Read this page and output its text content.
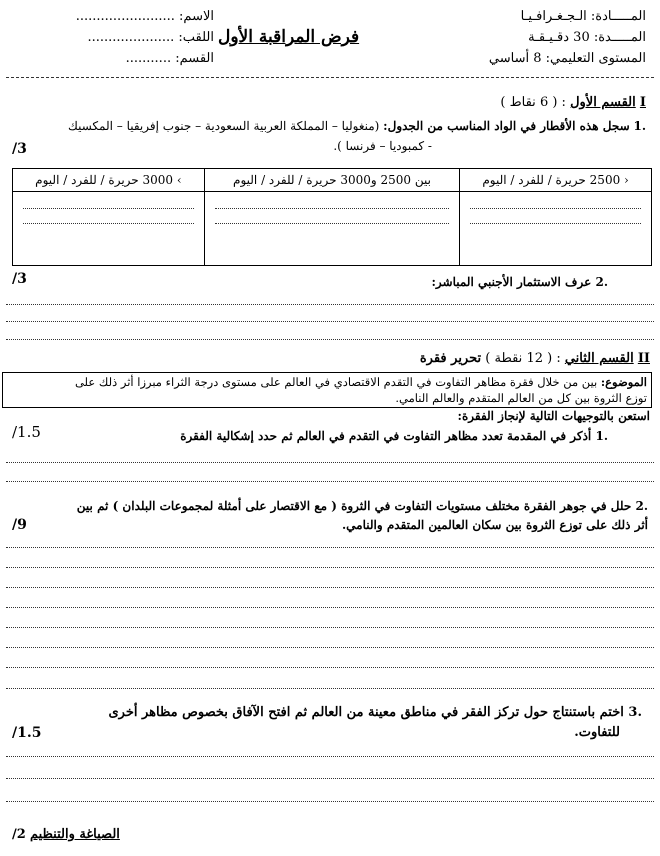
المـــــادة: الـجـغـرافـيـا
المـــــدة: 30 دقـيـقـة
المستوى التعليمي: 8 أساسي
فرض المراقبة الأول
الاسم: ........................
اللقب: .....................
القسم: ...........
I القسم الأول : ( 6 نقاط )
.1 سجل هذه الأقطار في الواد المناسب من الجدول: (منغوليا – المملكة العربية السعودية – جنوب إفريقيا – المكسيك
- كمبوديا – فرنسا ).
/3
‹ 2500 حريرة / للفرد / اليوم	بين 2500 و3000 حريرة / للفرد / اليوم	› 3000 حريرة / للفرد / اليوم

.2 عرف الاستثمار الأجنبي المباشر:
/3
II القسم الثاني : ( 12 نقطة ) تحرير فقرة
الموضوع: بين من خلال فقرة مظاهر التفاوت في التقدم الاقتصادي في العالم على مستوى درجة الثراء مبرزا أثر ذلك على
توزع الثروة بين كل من العالم المتقدم والعالم النامي.
استعن بالتوجيهات التالية لإنجاز الفقرة:
.1 أذكر في المقدمة تعدد مظاهر التفاوت في التقدم في العالم ثم حدد إشكالية الفقرة
/1.5
.2 حلل في جوهر الفقرة مختلف مستويات التفاوت في الثروة ( مع الاقتصار على أمثلة لمجموعات البلدان ) ثم بين
أثر ذلك على توزع الثروة بين سكان العالمين المتقدم والنامي.
/9
.3 اختم باستنتاج حول تركز الفقر في مناطق معينة من العالم ثم افتح الآفاق بخصوص مظاهر أخرى
للتفاوت.
/1.5
الصياغة والتنظيم /2
